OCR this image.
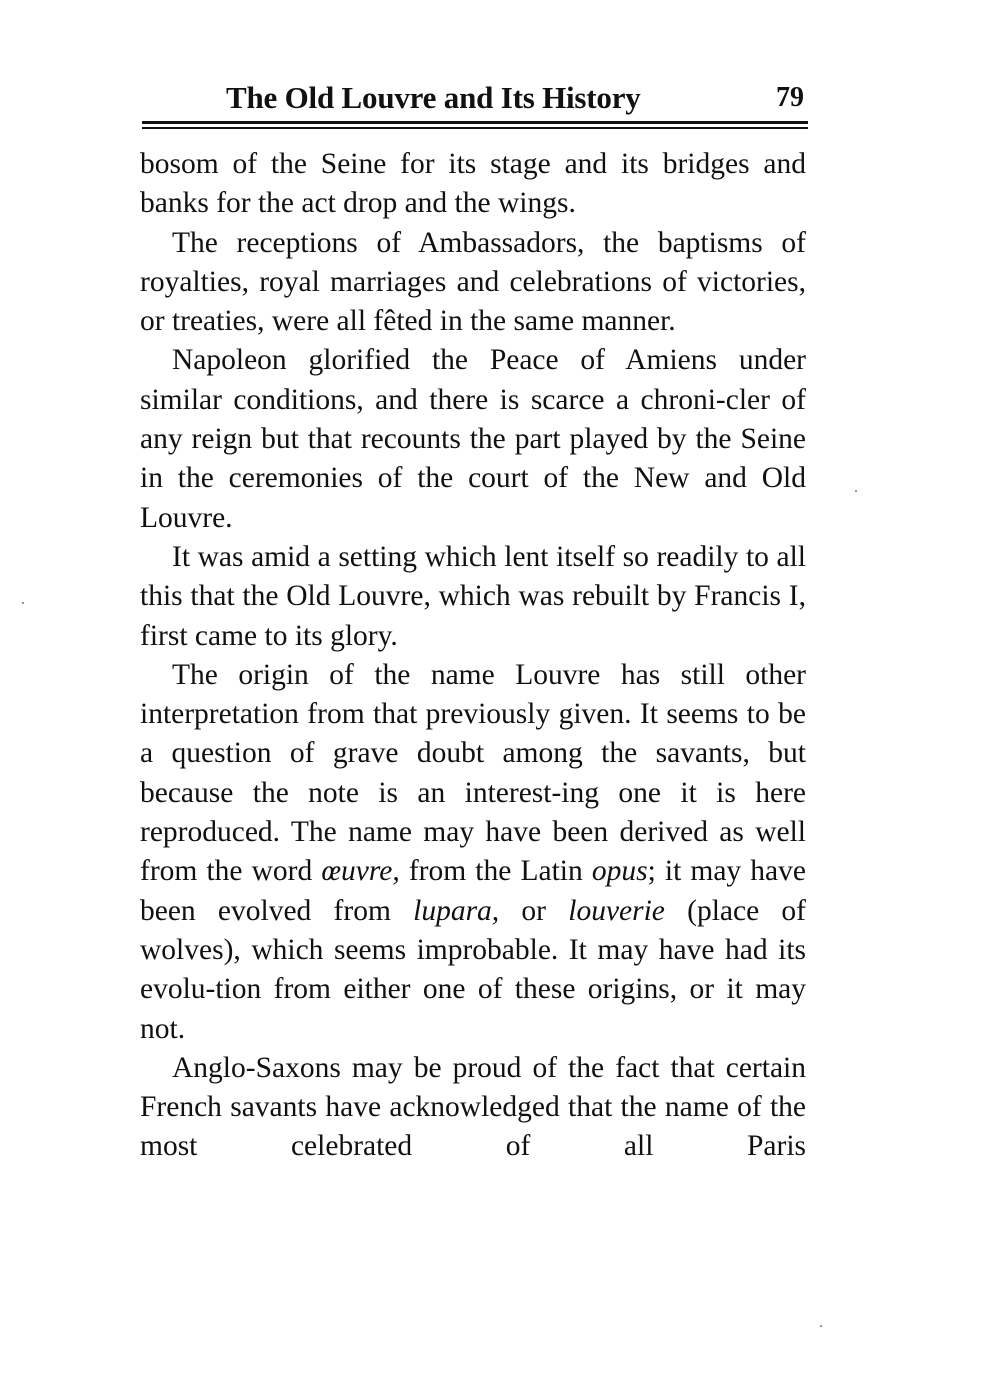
The Old Louvre and Its History	79

bosom of the Seine for its stage and its bridges and banks for the act drop and the wings.

The receptions of Ambassadors, the baptisms of royalties, royal marriages and celebrations of victories, or treaties, were all fêted in the same manner.

Napoleon glorified the Peace of Amiens under similar conditions, and there is scarce a chroni-cler of any reign but that recounts the part played by the Seine in the ceremonies of the court of the New and Old Louvre.

It was amid a setting which lent itself so readily to all this that the Old Louvre, which was rebuilt by Francis I, first came to its glory.

The origin of the name Louvre has still other interpretation from that previously given. It seems to be a question of grave doubt among the savants, but because the note is an interest-ing one it is here reproduced. The name may have been derived as well from the word œuvre, from the Latin opus; it may have been evolved from lupara, or louverie (place of wolves), which seems improbable. It may have had its evolu-tion from either one of these origins, or it may not.

Anglo-Saxons may be proud of the fact that certain French savants have acknowledged that the name of the most celebrated of all Paris
